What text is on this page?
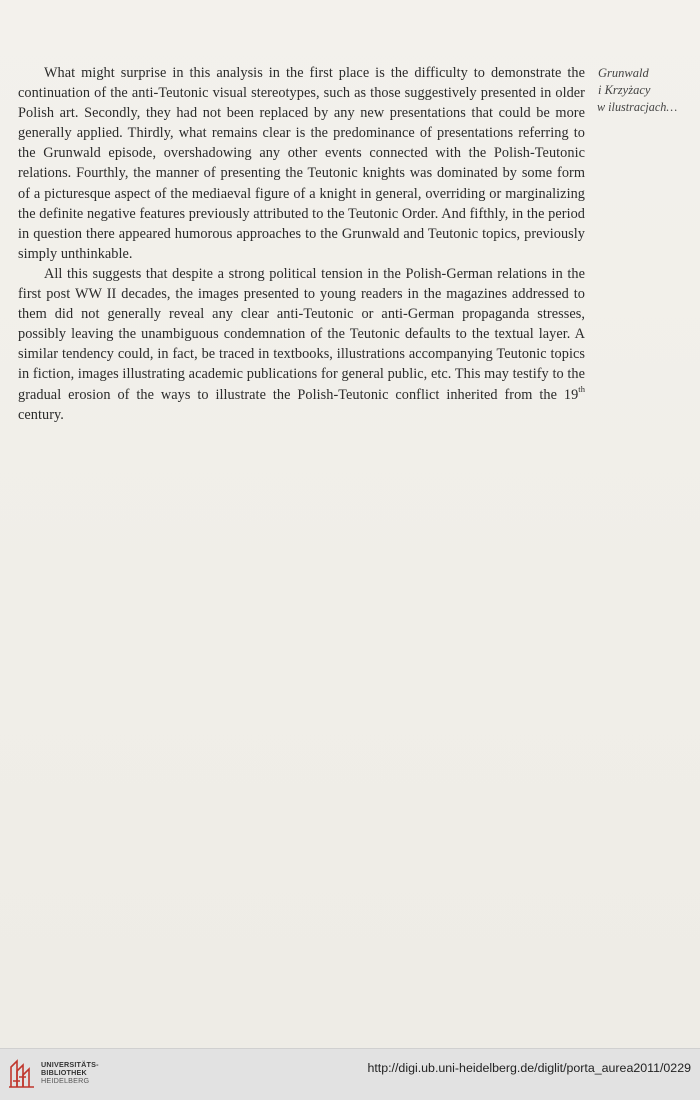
What might surprise in this analysis in the first place is the difficulty to demonstrate the continuation of the anti-Teutonic visual stereotypes, such as those suggestively presented in older Polish art. Secondly, they had not been replaced by any new presentations that could be more generally applied. Thirdly, what remains clear is the predominance of presentations referring to the Grunwald episode, overshadowing any other events connected with the Polish-Teutonic relations. Fourthly, the manner of presenting the Teutonic knights was dominated by some form of a picturesque aspect of the mediaeval figure of a knight in general, overriding or marginalizing the definite negative features previously attributed to the Teutonic Order. And fifthly, in the period in question there appeared humorous approaches to the Grunwald and Teutonic topics, previously simply unthinkable.

All this suggests that despite a strong political tension in the Polish-German relations in the first post WW II decades, the images presented to young readers in the magazines addressed to them did not generally reveal any clear anti-Teutonic or anti-German propaganda stresses, possibly leaving the unambiguous condemnation of the Teutonic defaults to the textual layer. A similar tendency could, in fact, be traced in textbooks, illustrations accompanying Teutonic topics in fiction, images illustrating academic publications for general public, etc. This may testify to the gradual erosion of the ways to illustrate the Polish-Teutonic conflict inherited from the 19th century.

Grunwald
i Krzyżacy
w ilustracjach…
UNIVERSITÄTS-
BIBLIOTHEK
HEIDELBERG
http://digi.ub.uni-heidelberg.de/diglit/porta_aurea2011/0229
